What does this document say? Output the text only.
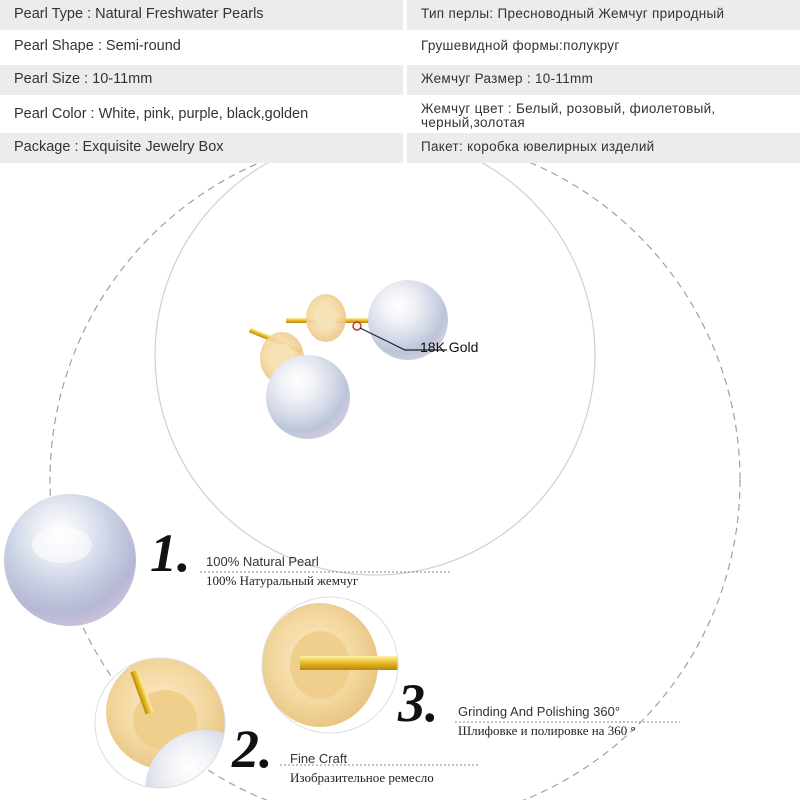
Pearl Type : Natural Freshwater Pearls	Тип перлы: Пресноводный Жемчуг природный
Pearl Shape : Semi-round	Грушевидной формы:полукруг
Pearl Size : 10-11mm	Жемчуг Размер : 10-11mm
Pearl Color : White, pink, purple, black,golden	Жемчуг цвет : Белый, розовый, фиолетовый, черный,золотая
Package : Exquisite Jewelry Box	Пакет: коробка ювелирных изделий
18K Gold
1. 100% Natural Pearl
100% Натуральный жемчуг
2. Fine Craft
Изобразительное ремесло
3. Grinding And Polishing 360°
Шлифовке и полировке на 360 °
